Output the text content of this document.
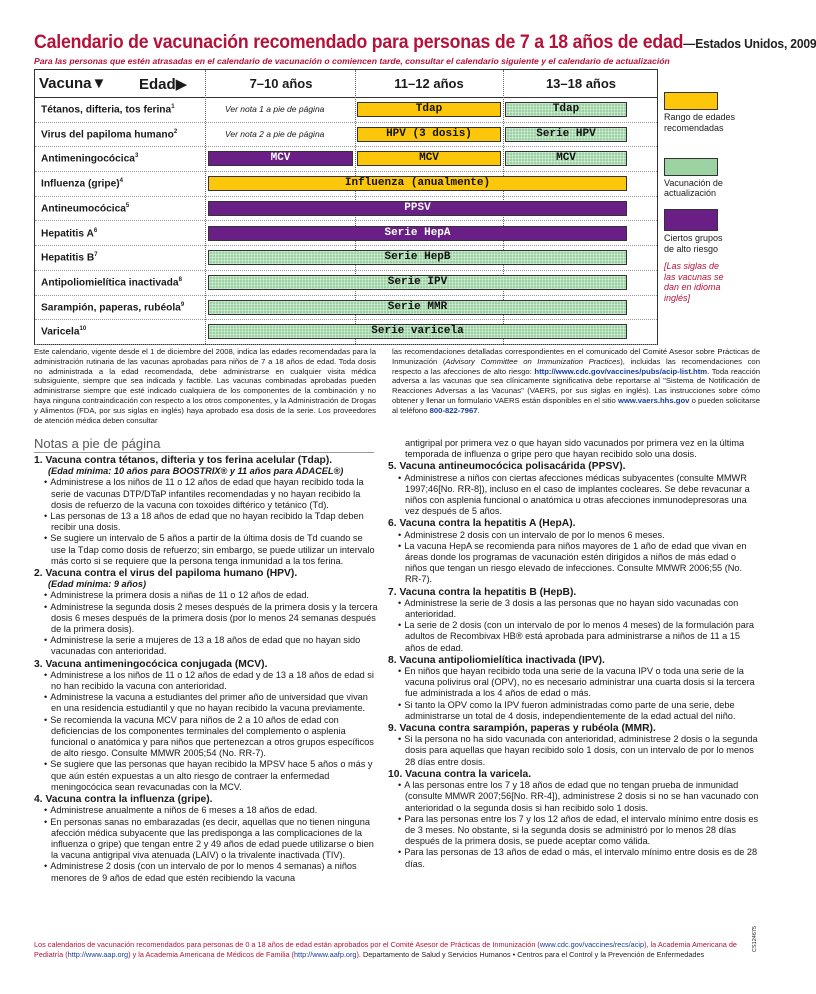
Calendario de vacunación recomendado para personas de 7 a 18 años de edad—Estados Unidos, 2009
Para las personas que estén atrasadas en el calendario de vacunación o comiencen tarde, consultar el calendario siguiente y el calendario de actualización
Vacuna▼ Edad▶	7–10 años	11–12 años	13–18 años
Tétanos, difteria, tos ferina$^1$	Ver nota 1 a pie de página	Tdap	Tdap
Virus del papiloma humano$^2$	Ver nota 2 a pie de página	HPV (3 dosis)	Serie HPV
Antimeningocócica$^3$	MCV	MCV	MCV
Influenza (gripe)$^4$	Influenza (anualmente)
Antineumocócica$^5$	PPSV
Hepatitis $A^6$	Serie HepA
Hepatitis $B^7$	Serie HepB
Antipoliomielítica inactivada$^8$	Serie IPV
Sarampión, paperas, rubéola$^9$	Serie MMR
Varicela$^{10}$	Serie varicela
Rango de edades recomendadas
Vacunación de actualización
Ciertos grupos de alto riesgo
[Las siglas de las vacunas se dan en idioma inglés]
Este calendario, vigente desde el 1 de diciembre del 2008, indica las edades recomendadas para la administración rutinaria de las vacunas aprobadas para niños de 7 a 18 años de edad. Toda dosis no administrada a la edad recomendada, debe administrarse en cualquier visita médica subsiguiente, siempre que sea indicada y factible. Las vacunas combinadas aprobadas pueden administrarse siempre que esté indicado cualquiera de los componentes de la combinación y no haya ninguna contraindicación con respecto a los otros componentes, y la Administración de Drogas y Alimentos (FDA, por sus siglas en inglés) haya aprobado esa dosis de la serie. Los proveedores de atención médica deben consultar
las recomendaciones detalladas correspondientes en el comunicado del Comité Asesor sobre Prácticas de Inmunización (Advisory Committee on Immunization Practices), incluidas las recomendaciones con respecto a las afecciones de alto riesgo: http://www.cdc.gov/vaccines/pubs/acip-list.htm. Toda reacción adversa a las vacunas que sea clínicamente significativa debe reportarse al "Sistema de Notificación de Reacciones Adversas a las Vacunas" (VAERS, por sus siglas en inglés). Las instrucciones sobre cómo obtener y llenar un formulario VAERS están disponibles en el sitio www.vaers.hhs.gov o pueden solicitarse al teléfono 800-822-7967.
Notas a pie de página
1. Vacuna contra tétanos, difteria y tos ferina acelular (Tdap).
(Edad mínima: 10 años para BOOSTRIX® y 11 años para ADACEL®)
• Administrese a los niños de 11 o 12 años de edad que hayan recibido toda la serie de vacunas DTP/DTaP infantiles recomendadas y no hayan recibido la dosis de refuerzo de la vacuna con toxoides diftérico y tetánico (Td).
• Las personas de 13 a 18 años de edad que no hayan recibido la Tdap deben recibir una dosis.
• Se sugiere un intervalo de 5 años a partir de la última dosis de Td cuando se use la Tdap como dosis de refuerzo; sin embargo, se puede utilizar un intervalo más corto si se requiere que la persona tenga inmunidad a la tos ferina.
2. Vacuna contra el virus del papiloma humano (HPV).
(Edad mínima: 9 años)
• Administrese la primera dosis a niñas de 11 o 12 años de edad.
• Administrese la segunda dosis 2 meses después de la primera dosis y la tercera dosis 6 meses después de la primera dosis (por lo menos 24 semanas después de la primera dosis).
• Administrese la serie a mujeres de 13 a 18 años de edad que no hayan sido vacunadas con anterioridad.
3. Vacuna antimeningocócica conjugada (MCV).
• Administrese a los niños de 11 o 12 años de edad y de 13 a 18 años de edad si no han recibido la vacuna con anterioridad.
• Administrese la vacuna a estudiantes del primer año de universidad que vivan en una residencia estudiantil y que no hayan recibido la vacuna previamente.
• Se recomienda la vacuna MCV para niños de 2 a 10 años de edad con deficiencias de los componentes terminales del complemento o asplenia funcional o anatómica y para niños que pertenezcan a otros grupos específicos de alto riesgo. Consulte MMWR 2005;54 (No. RR-7).
• Se sugiere que las personas que hayan recibido la MPSV hace 5 años o más y que aún estén expuestas a un alto riesgo de contraer la enfermedad meningocócica sean revacunadas con la MCV.
4. Vacuna contra la influenza (gripe).
• Administrese anualmente a niños de 6 meses a 18 años de edad.
• En personas sanas no embarazadas (es decir, aquellas que no tienen ninguna afección médica subyacente que las predisponga a las complicaciones de la influenza o gripe) que tengan entre 2 y 49 años de edad puede utilizarse o bien la vacuna antigripal viva atenuada (LAIV) o la trivalente inactivada (TIV).
• Administrese 2 dosis (con un intervalo de por lo menos 4 semanas) a niños menores de 9 años de edad que estén recibiendo la vacuna
antigripal por primera vez o que hayan sido vacunados por primera vez en la última temporada de influenza o gripe pero que hayan recibido solo una dosis.
5. Vacuna antineumocócica polisacárida (PPSV).
• Administrese a niños con ciertas afecciones médicas subyacentes (consulte MMWR 1997;46[No. RR-8]), incluso en el caso de implantes cocleares. Se debe revacunar a niños con asplenia funcional o anatómica u otras afecciones inmunodepresoras una vez después de 5 años.
6. Vacuna contra la hepatitis A (HepA).
• Administrese 2 dosis con un intervalo de por lo menos 6 meses.
• La vacuna HepA se recomienda para niños mayores de 1 año de edad que vivan en áreas donde los programas de vacunación estén dirigidos a niños de más edad o niños que tengan un riesgo elevado de infecciones. Consulte MMWR 2006;55 (No. RR-7).
7. Vacuna contra la hepatitis B (HepB).
• Administrese la serie de 3 dosis a las personas que no hayan sido vacunadas con anterioridad.
• La serie de 2 dosis (con un intervalo de por lo menos 4 meses) de la formulación para adultos de Recombivax HB® está aprobada para administrarse a niños de 11 a 15 años de edad.
8. Vacuna antipoliomielítica inactivada (IPV).
• En niños que hayan recibido toda una serie de la vacuna IPV o toda una serie de la vacuna polivirus oral (OPV), no es necesario administrar una cuarta dosis si la tercera fue administrada a los 4 años de edad o más.
• Si tanto la OPV como la IPV fueron administradas como parte de una serie, debe administrarse un total de 4 dosis, independientemente de la edad actual del niño.
9. Vacuna contra sarampión, paperas y rubéola (MMR).
• Si la persona no ha sido vacunada con anterioridad, administrese 2 dosis o la segunda dosis para aquellas que hayan recibido solo 1 dosis, con un intervalo de por lo menos 28 días entre dosis.
10. Vacuna contra la varicela.
• A las personas entre los 7 y 18 años de edad que no tengan prueba de inmunidad (consulte MMWR 2007;56[No. RR-4]), administrese 2 dosis si no se han vacunado con anterioridad o la segunda dosis si han recibido solo 1 dosis.
• Para las personas entre los 7 y los 12 años de edad, el intervalo mínimo entre dosis es de 3 meses. No obstante, si la segunda dosis se administró por lo menos 28 días después de la primera dosis, se puede aceptar como válida.
• Para las personas de 13 años de edad o más, el intervalo mínimo entre dosis es de 28 días.
Los calendarios de vacunación recomendados para personas de 0 a 18 años de edad están aprobados por el Comité Asesor de Prácticas de Inmunización (www.cdc.gov/vaccines/recs/acip), la Academia Americana de Pediatría (http://www.aap.org) y la Academia Americana de Médicos de Familia (http://www.aafp.org). Departamento de Salud y Servicios Humanos • Centros para el Control y la Prevención de Enfermedades
CS124675
